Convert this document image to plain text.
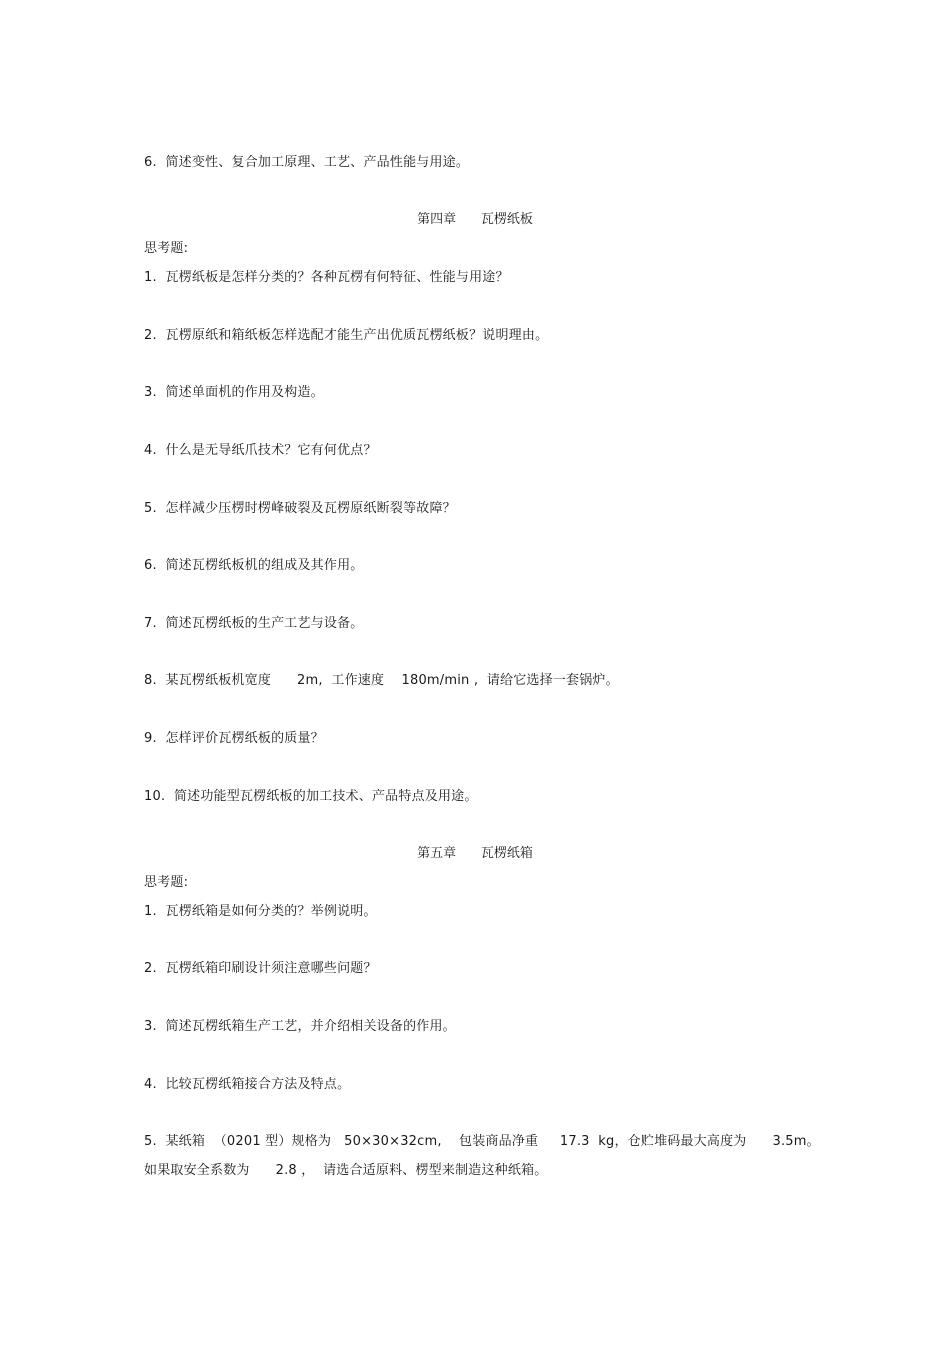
6.  简述变性、复合加工原理、工艺、产品性能与用途。
第四章      瓦楞纸板
思考题:
1.  瓦楞纸板是怎样分类的？各种瓦楞有何特征、性能与用途？
2.  瓦楞原纸和箱纸板怎样选配才能生产出优质瓦楞纸板？说明理由。
3.  简述单面机的作用及构造。
4.  什么是无导纸爪技术？它有何优点？
5.  怎样减少压楞时楞峰破裂及瓦楞原纸断裂等故障？
6.  简述瓦楞纸板机的组成及其作用。
7.  简述瓦楞纸板的生产工艺与设备。
8.  某瓦楞纸板机宽度      2m,  工作速度    180m/min ,  请给它选择一套锅炉。
9.  怎样评价瓦楞纸板的质量？
10.  简述功能型瓦楞纸板的加工技术、产品特点及用途。
第五章      瓦楞纸箱
思考题:
1.  瓦楞纸箱是如何分类的？举例说明。
2.  瓦楞纸箱印刷设计须注意哪些问题？
3.  简述瓦楞纸箱生产工艺，并介绍相关设备的作用。
4.  比较瓦楞纸箱接合方法及特点。
5.  某纸箱  （0201 型）规格为   50×30×32cm,    包装商品净重     17.3  kg，仓贮堆码最大高度为      3.5m。
如果取安全系数为      2.8 ，  请选合适原料、楞型来制造这种纸箱。
